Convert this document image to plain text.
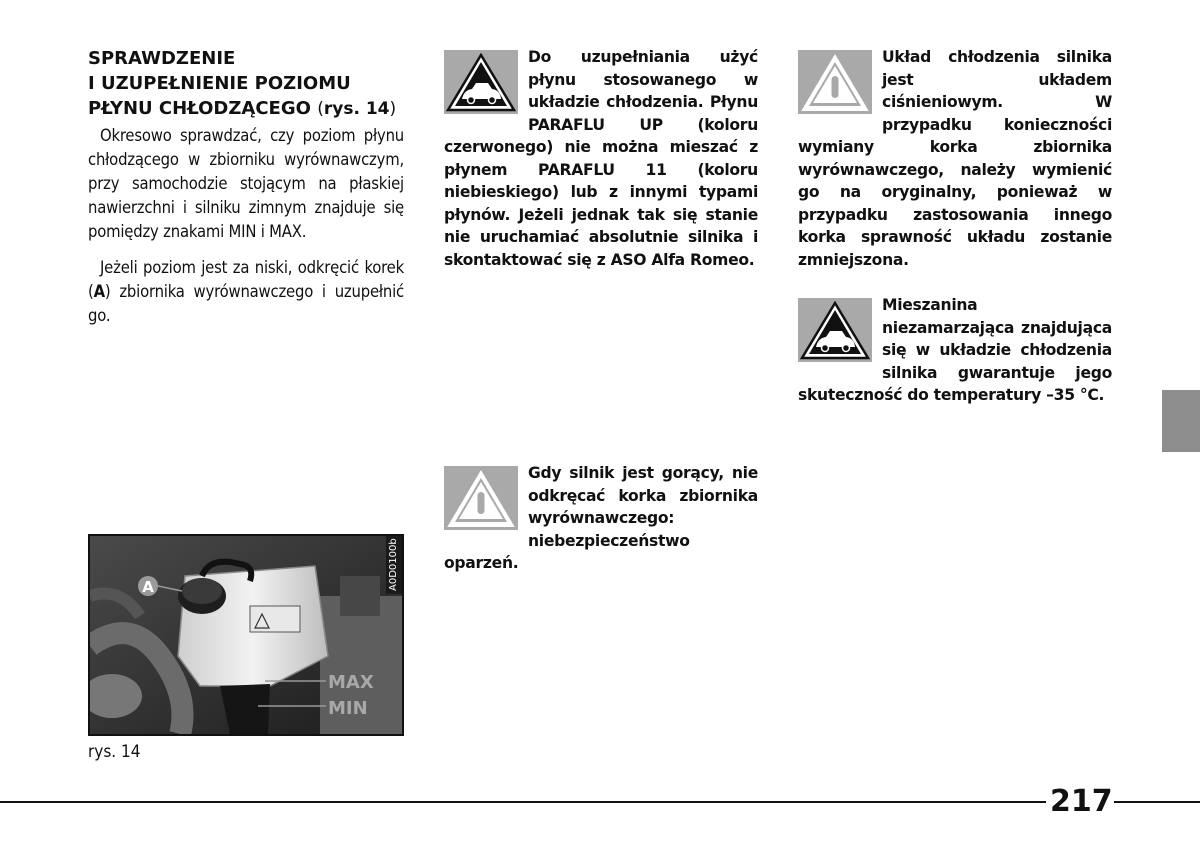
SPRAWDZENIE
I UZUPEŁNIENIE POZIOMU
PŁYNU CHŁODZĄCEGO (rys. 14)

Okresowo sprawdzać, czy poziom płynu chłodzącego w zbiorniku wyrównawczym, przy samochodzie stojącym na płaskiej nawierzchni i silniku zimnym znajduje się pomiędzy znakami MIN i MAX.

Jeżeli poziom jest za niski, odkręcić korek (A) zbiornika wyrównawczego i uzupełnić go.

A
MAX
MIN
A0D0100b
rys. 14

Do uzupełniania użyć płynu stosowanego w układzie chłodzenia. Płynu PARAFLU UP (koloru czerwonego) nie można mieszać z płynem PARAFLU 11 (koloru niebieskiego) lub z innymi typami płynów. Jeżeli jednak tak się stanie nie uruchamiać absolutnie silnika i skontaktować się z ASO Alfa Romeo.

Gdy silnik jest gorący, nie odkręcać korka zbiornika wyrównawczego: niebezpieczeństwo oparzeń.

Układ chłodzenia silnika jest układem ciśnieniowym. W przypadku konieczności wymiany korka zbiornika wyrównawczego, należy wymienić go na oryginalny, ponieważ w przypadku zastosowania innego korka sprawność układu zostanie zmniejszona.

Mieszanina niezamarzająca znajdująca się w układzie chłodzenia silnika gwarantuje jego skuteczność do temperatury –35 °C.

217
